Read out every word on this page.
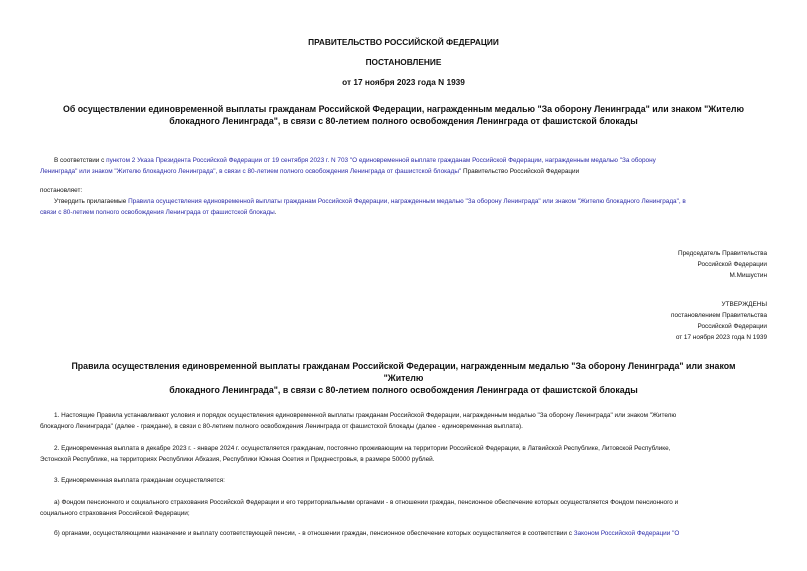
ПРАВИТЕЛЬСТВО РОССИЙСКОЙ ФЕДЕРАЦИИ
ПОСТАНОВЛЕНИЕ
от 17 ноября 2023 года N 1939
Об осуществлении единовременной выплаты гражданам Российской Федерации, награжденным медалью "За оборону Ленинграда" или знаком "Жителю
блокадного Ленинграда", в связи с 80-летием полного освобождения Ленинграда от фашистской блокады
В соответствии с пунктом 2 Указа Президента Российской Федерации от 19 сентября 2023 г. N 703 "О единовременной выплате гражданам Российской Федерации, награжденным медалью "За оборону
Ленинграда" или знаком "Жителю блокадного Ленинграда", в связи с 80-летием полного освобождения Ленинграда от фашистской блокады" Правительство Российской Федерации
постановляет:
Утвердить прилагаемые Правила осуществления единовременной выплаты гражданам Российской Федерации, награжденным медалью "За оборону Ленинграда" или знаком "Жителю блокадного Ленинграда", в
связи с 80-летием полного освобождения Ленинграда от фашистской блокады.
Председатель Правительства
Российской Федерации
М.Мишустин
УТВЕРЖДЕНЫ
постановлением Правительства
Российской Федерации
от 17 ноября 2023 года N 1939
Правила осуществления единовременной выплаты гражданам Российской Федерации, награжденным медалью "За оборону Ленинграда" или знаком "Жителю
блокадного Ленинграда", в связи с 80-летием полного освобождения Ленинграда от фашистской блокады
1. Настоящие Правила устанавливают условия и порядок осуществления единовременной выплаты гражданам Российской Федерации, награжденным медалью "За оборону Ленинграда" или знаком "Жителю
блокадного Ленинграда" (далее - граждане), в связи с 80-летием полного освобождения Ленинграда от фашистской блокады (далее - единовременная выплата).
2. Единовременная выплата в декабре 2023 г. - январе 2024 г. осуществляется гражданам, постоянно проживающим на территории Российской Федерации, в Латвийской Республике, Литовской Республике,
Эстонской Республике, на территориях Республики Абхазия, Республики Южная Осетия и Приднестровья, в размере 50000 рублей.
3. Единовременная выплата гражданам осуществляется:
а) Фондом пенсионного и социального страхования Российской Федерации и его территориальными органами - в отношении граждан, пенсионное обеспечение которых осуществляется Фондом пенсионного и
социального страхования Российской Федерации;
б) органами, осуществляющими назначение и выплату соответствующей пенсии, - в отношении граждан, пенсионное обеспечение которых осуществляется в соответствии с Законом Российской Федерации "О
